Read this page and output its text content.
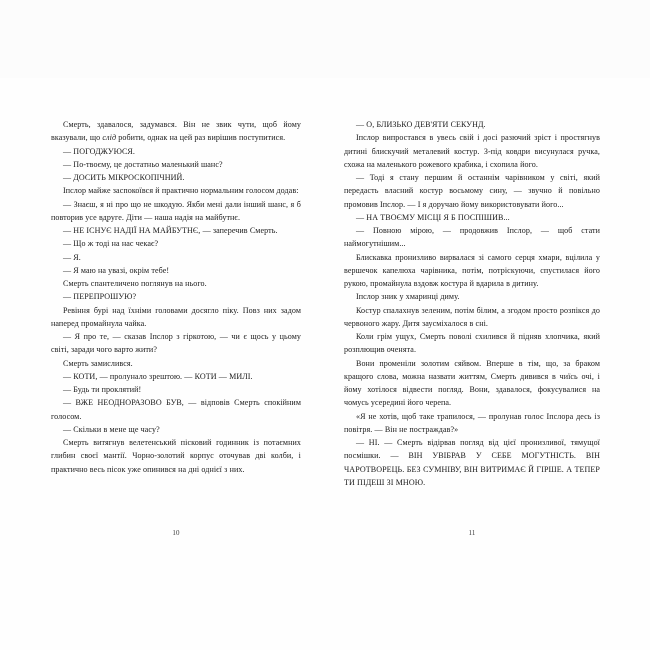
Смерть, здавалося, задумався. Він не звик чути, щоб йому вказували, що слід робити, однак на цей раз вирішив поступитися.

— ПОГОДЖУЮСЯ.

— По-твоєму, це достатньо маленький шанс?

— ДОСИТЬ МІКРОСКОПІЧНИЙ.

Іпслор майже заспокоївся й практично нормальним голосом додав:

— Знаєш, я ні про що не шкодую. Якби мені дали інший шанс, я б повторив усе вдруге. Діти — наша надія на майбутнє.

— НЕ ІСНУЄ НАДІЇ НА МАЙБУТНЄ, — заперечив Смерть.

— Що ж тоді на нас чекає?

— Я.

— Я маю на увазі, окрім тебе!

Смерть спантеличено поглянув на нього.

— ПЕРЕПРОШУЮ?

Ревіння бурі над їхніми головами досягло піку. Повз них задом наперед промайнула чайка.

— Я про те, — сказав Іпслор з гіркотою, — чи є щось у цьому світі, заради чого варто жити?

Смерть замислився.

— КОТИ, — пролунало зрештою. — КОТИ — МИЛІ.

— Будь ти проклятий!

— ВЖЕ НЕОДНОРАЗОВО БУВ, — відповів Смерть спокійним голосом.

— Скільки в мене ще часу?

Смерть витягнув велетенський пісковий годинник із потаємних глибин своєї мантії. Чорно-золотий корпус оточував дві колби, і практично весь пісок уже опинився на дні однієї з них.

10

— О, БЛИЗЬКО ДЕВ'ЯТИ СЕКУНД.

Іпслор випростався в увесь свій і досі разючий зріст і простягнув дитині блискучий металевий костур. З-під ковдри висунулася ручка, схожа на маленького рожевого крабика, і схопила його.

— Тоді я стану першим й останнім чарівником у світі, який передасть власний костур восьмому сину, — звучно й повільно промовив Іпслор. — І я доручаю йому використовувати його...

— НА ТВОЄМУ МІСЦІ Я Б ПОСПІШИВ...

— Повною мірою, — продовжив Іпслор, — щоб стати наймогутнішим...

Блискавка пронизливо вирвалася зі самого серця хмари, вцілила у вершечок капелюха чарівника, потім, потріскуючи, спустилася його рукою, промайнула вздовж костура й вдарила в дитину.

Іпслор зник у хмаринці диму.

Костур спалахнув зеленим, потім білим, а згодом просто розпікся до червоного жару. Дитя заусміхалося в сні.

Коли грім ущух, Смерть поволі схилився й підняв хлопчика, який розплющив оченята.

Вони променіли золотим сяйвом. Вперше в тім, що, за браком кращого слова, можна назвати життям, Смерть дивився в чиїсь очі, і йому хотілося відвести погляд. Вони, здавалося, фокусувалися на чомусь усередині його черепа.

«Я не хотів, щоб таке трапилося, — пролунав голос Іпслора десь із повітря. — Він не постраждав?»

— НІ. — Смерть відірвав погляд від цієї пронизливої, тямущої посмішки. — ВІН УВІБРАВ У СЕБЕ МОГУТНІСТЬ. ВІН ЧАРОТВОРЕЦЬ. БЕЗ СУМНІВУ, ВІН ВИТРИМАЄ Й ГІРШЕ. А ТЕПЕР ТИ ПІДЕШ ЗІ МНОЮ.

11
